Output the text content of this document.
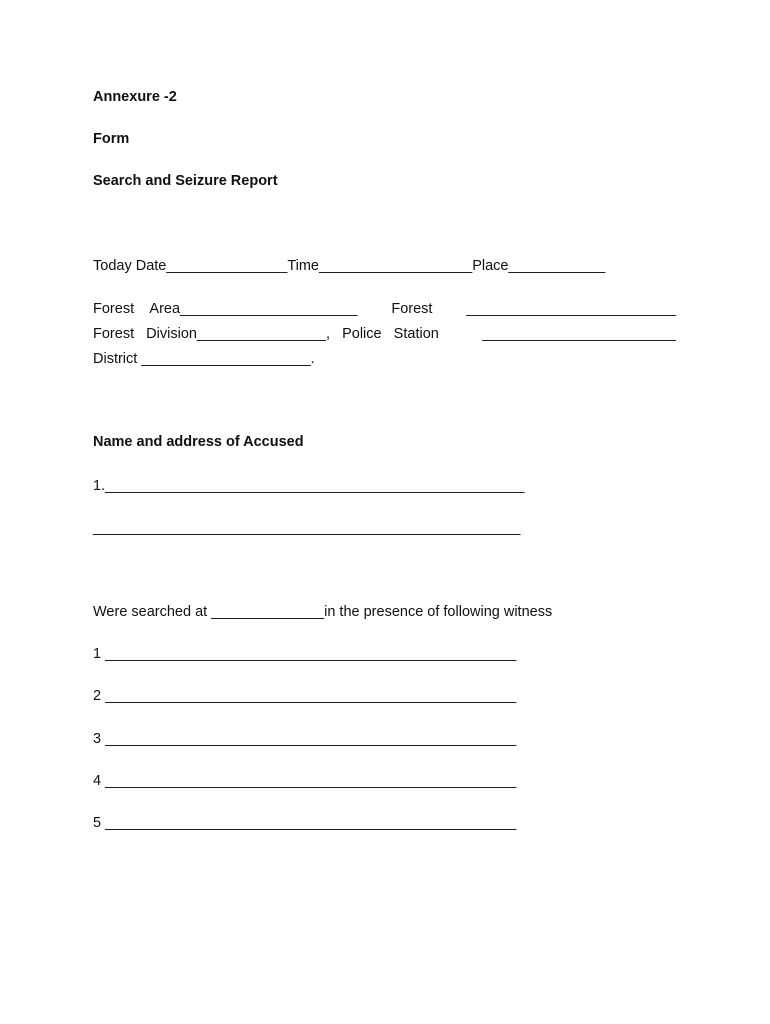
Annexure -2
Form
Search and Seizure Report
Today Date_______________Time___________________Place____________
Forest    Area ______________________ Forest __________________________
Forest   Division ________________ ,   Police   Station	________________________
District _____________________.
Name and address of Accused
1.____________________________________________________
_____________________________________________________
Were searched at ______________in the presence of following witness
1 ___________________________________________________
2 ___________________________________________________
3 ___________________________________________________
4 ___________________________________________________
5 ___________________________________________________
